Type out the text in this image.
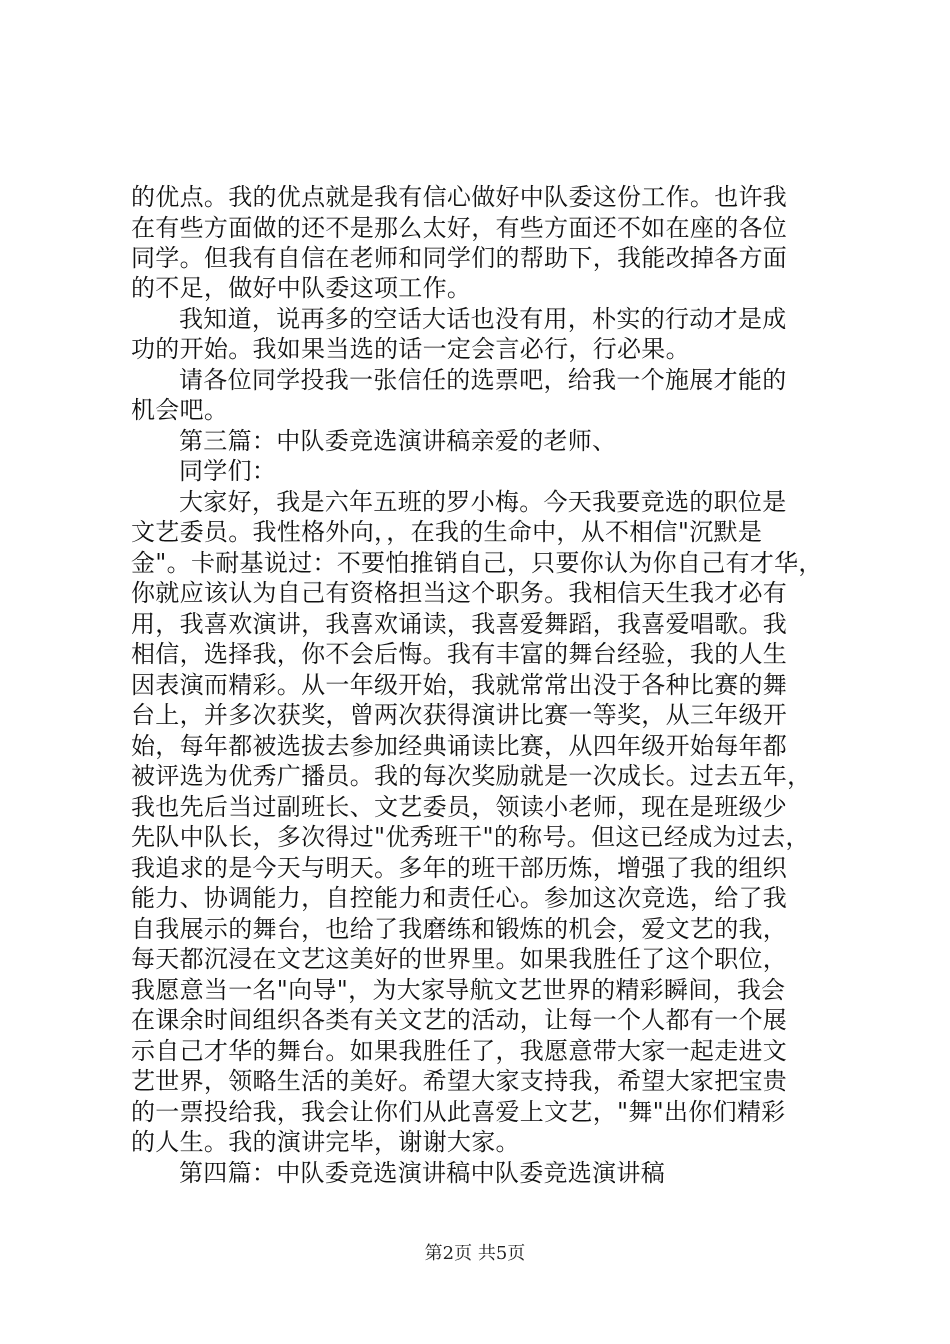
的优点。我的优点就是我有信心做好中队委这份工作。也许我
在有些方面做的还不是那么太好，有些方面还不如在座的各位
同学。但我有自信在老师和同学们的帮助下，我能改掉各方面
的不足，做好中队委这项工作。
我知道，说再多的空话大话也没有用，朴实的行动才是成
功的开始。我如果当选的话一定会言必行，行必果。
请各位同学投我一张信任的选票吧，给我一个施展才能的
机会吧。
第三篇：中队委竞选演讲稿亲爱的老师、
同学们：
大家好，我是六年五班的罗小梅。今天我要竞选的职位是
文艺委员。我性格外向，，在我的生命中，从不相信"沉默是
金"。卡耐基说过：不要怕推销自己，只要你认为你自己有才华，
你就应该认为自己有资格担当这个职务。我相信天生我才必有
用，我喜欢演讲，我喜欢诵读，我喜爱舞蹈，我喜爱唱歌。我
相信，选择我，你不会后悔。我有丰富的舞台经验，我的人生
因表演而精彩。从一年级开始，我就常常出没于各种比赛的舞
台上，并多次获奖，曾两次获得演讲比赛一等奖，从三年级开
始，每年都被选拔去参加经典诵读比赛，从四年级开始每年都
被评选为优秀广播员。我的每次奖励就是一次成长。过去五年，
我也先后当过副班长、文艺委员，领读小老师，现在是班级少
先队中队长，多次得过"优秀班干"的称号。但这已经成为过去，
我追求的是今天与明天。多年的班干部历炼，增强了我的组织
能力、协调能力，自控能力和责任心。参加这次竞选，给了我
自我展示的舞台，也给了我磨练和锻炼的机会，爱文艺的我，
每天都沉浸在文艺这美好的世界里。如果我胜任了这个职位，
我愿意当一名"向导"，为大家导航文艺世界的精彩瞬间，我会
在课余时间组织各类有关文艺的活动，让每一个人都有一个展
示自己才华的舞台。如果我胜任了，我愿意带大家一起走进文
艺世界，领略生活的美好。希望大家支持我，希望大家把宝贵
的一票投给我，我会让你们从此喜爱上文艺，"舞"出你们精彩
的人生。我的演讲完毕，谢谢大家。
第四篇：中队委竞选演讲稿中队委竞选演讲稿
第2页 共5页
